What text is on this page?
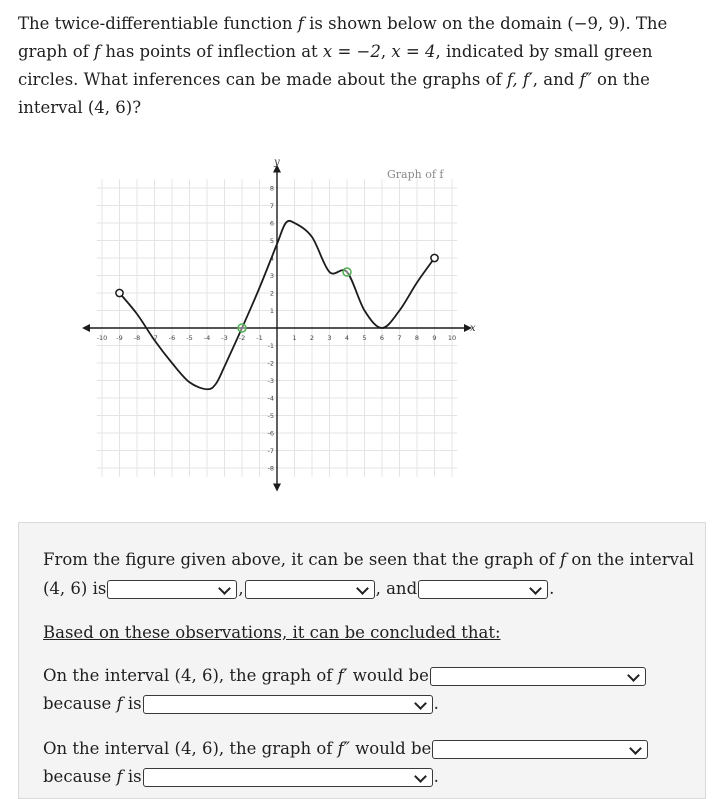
The twice-differentiable function f is shown below on the domain (−9, 9). The graph of f has points of inflection at x = −2, x = 4, indicated by small green circles. What inferences can be made about the graphs of f, f′, and f″ on the interval (4, 6)?
-10 -9 -8 -7 -6 -5 -4 -3 -2 -1	1 2 3 4 5 6 7 8 9 10
8
7
6
5
4
3
2
1
-1
-2
-3
-4
-5
-6
-7
-8
Graph of f
y
x
From the figure given above, it can be seen that the graph of f on the interval
(4, 6) is	,	, and	.
Based on these observations, it can be concluded that:
On the interval (4, 6), the graph of f′ would be
because f is	.
On the interval (4, 6), the graph of f″ would be
because f is	.
